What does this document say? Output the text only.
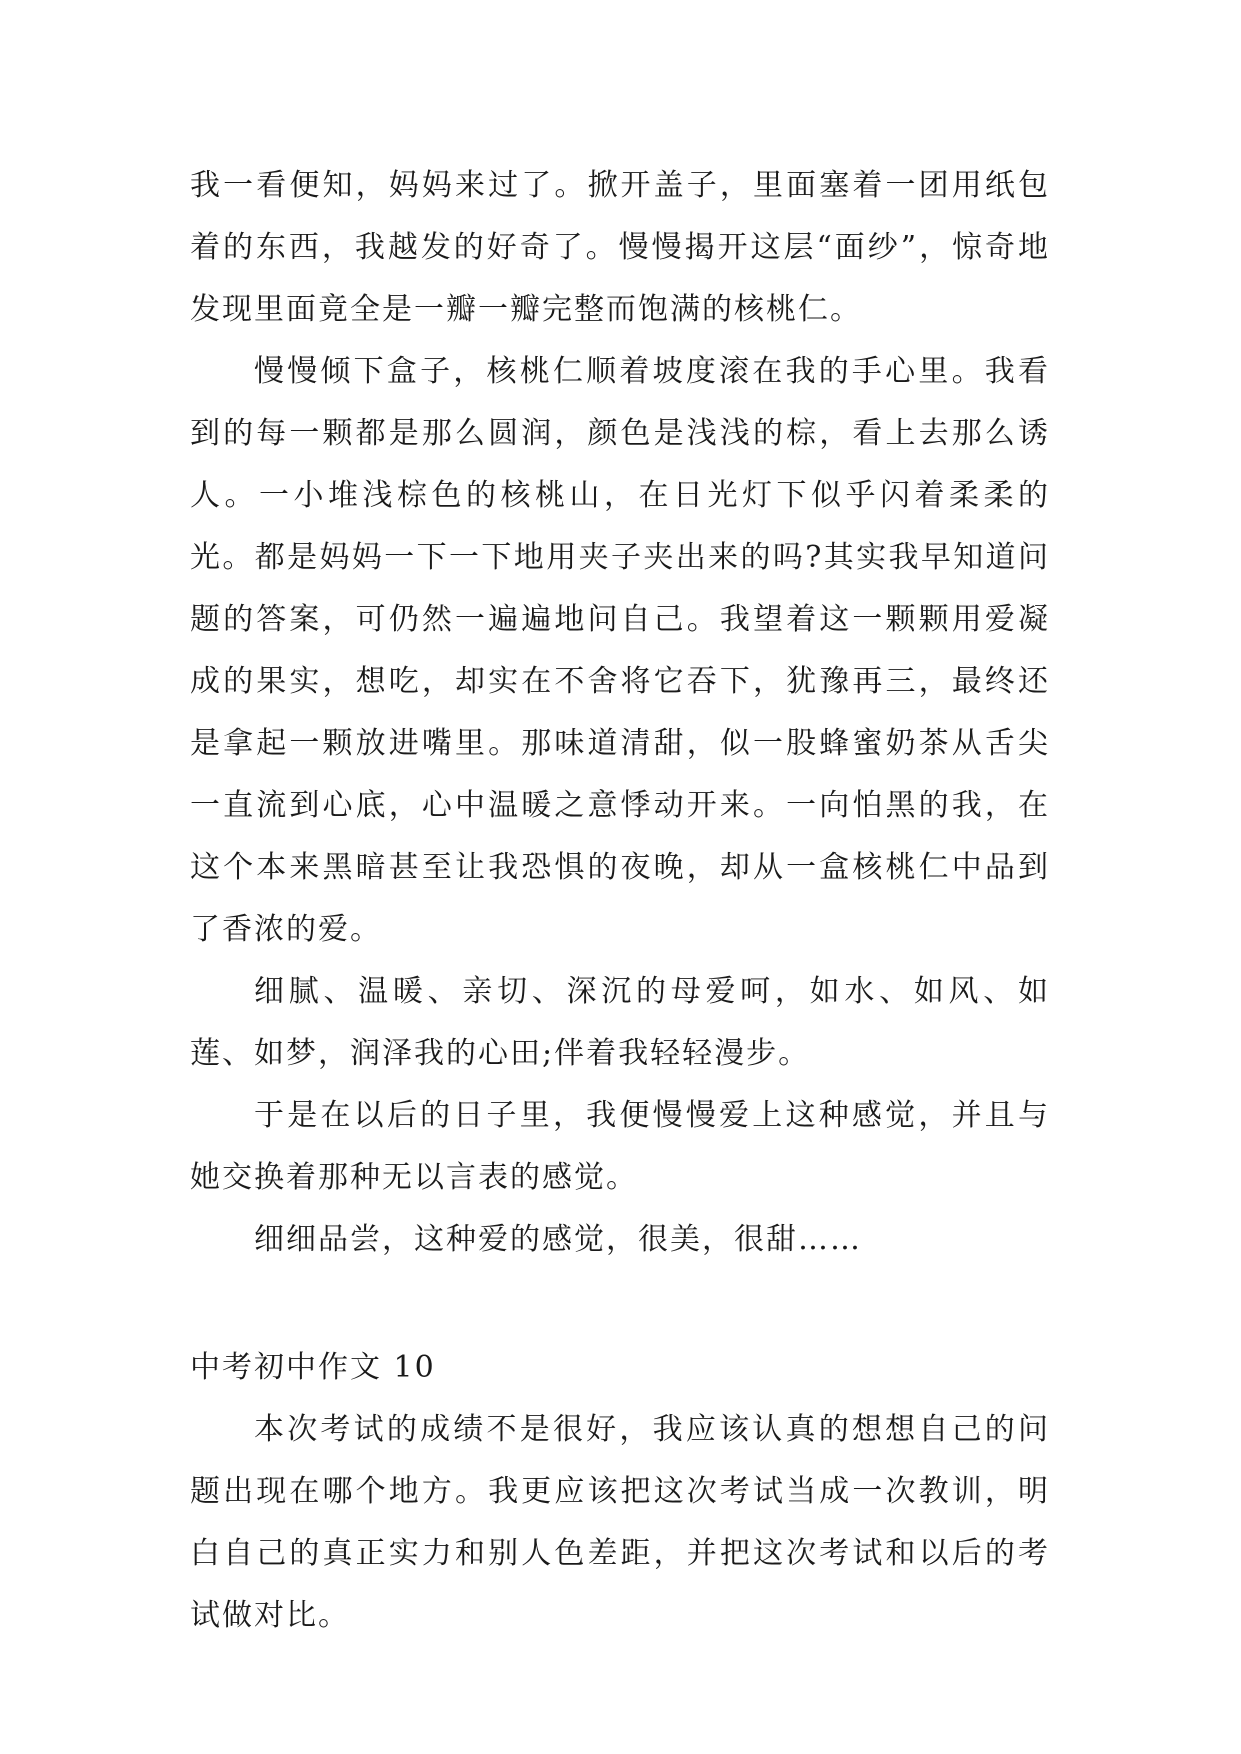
我一看便知，妈妈来过了。掀开盖子，里面塞着一团用纸包着的东西，我越发的好奇了。慢慢揭开这层“面纱”，惊奇地发现里面竟全是一瓣一瓣完整而饱满的核桃仁。

慢慢倾下盒子，核桃仁顺着坡度滚在我的手心里。我看到的每一颗都是那么圆润，颜色是浅浅的棕，看上去那么诱人。一小堆浅棕色的核桃山，在日光灯下似乎闪着柔柔的光。都是妈妈一下一下地用夹子夹出来的吗?其实我早知道问题的答案，可仍然一遍遍地问自己。我望着这一颗颗用爱凝成的果实，想吃，却实在不舍将它吞下，犹豫再三，最终还是拿起一颗放进嘴里。那味道清甜，似一股蜂蜜奶茶从舌尖一直流到心底，心中温暖之意悸动开来。一向怕黑的我，在这个本来黑暗甚至让我恐惧的夜晚，却从一盒核桃仁中品到了香浓的爱。

细腻、温暖、亲切、深沉的母爱呵，如水、如风、如莲、如梦，润泽我的心田;伴着我轻轻漫步。

于是在以后的日子里，我便慢慢爱上这种感觉，并且与她交换着那种无以言表的感觉。

细细品尝，这种爱的感觉，很美，很甜……

中考初中作文 10

本次考试的成绩不是很好，我应该认真的想想自己的问题出现在哪个地方。我更应该把这次考试当成一次教训，明白自己的真正实力和别人色差距，并把这次考试和以后的考试做对比。
